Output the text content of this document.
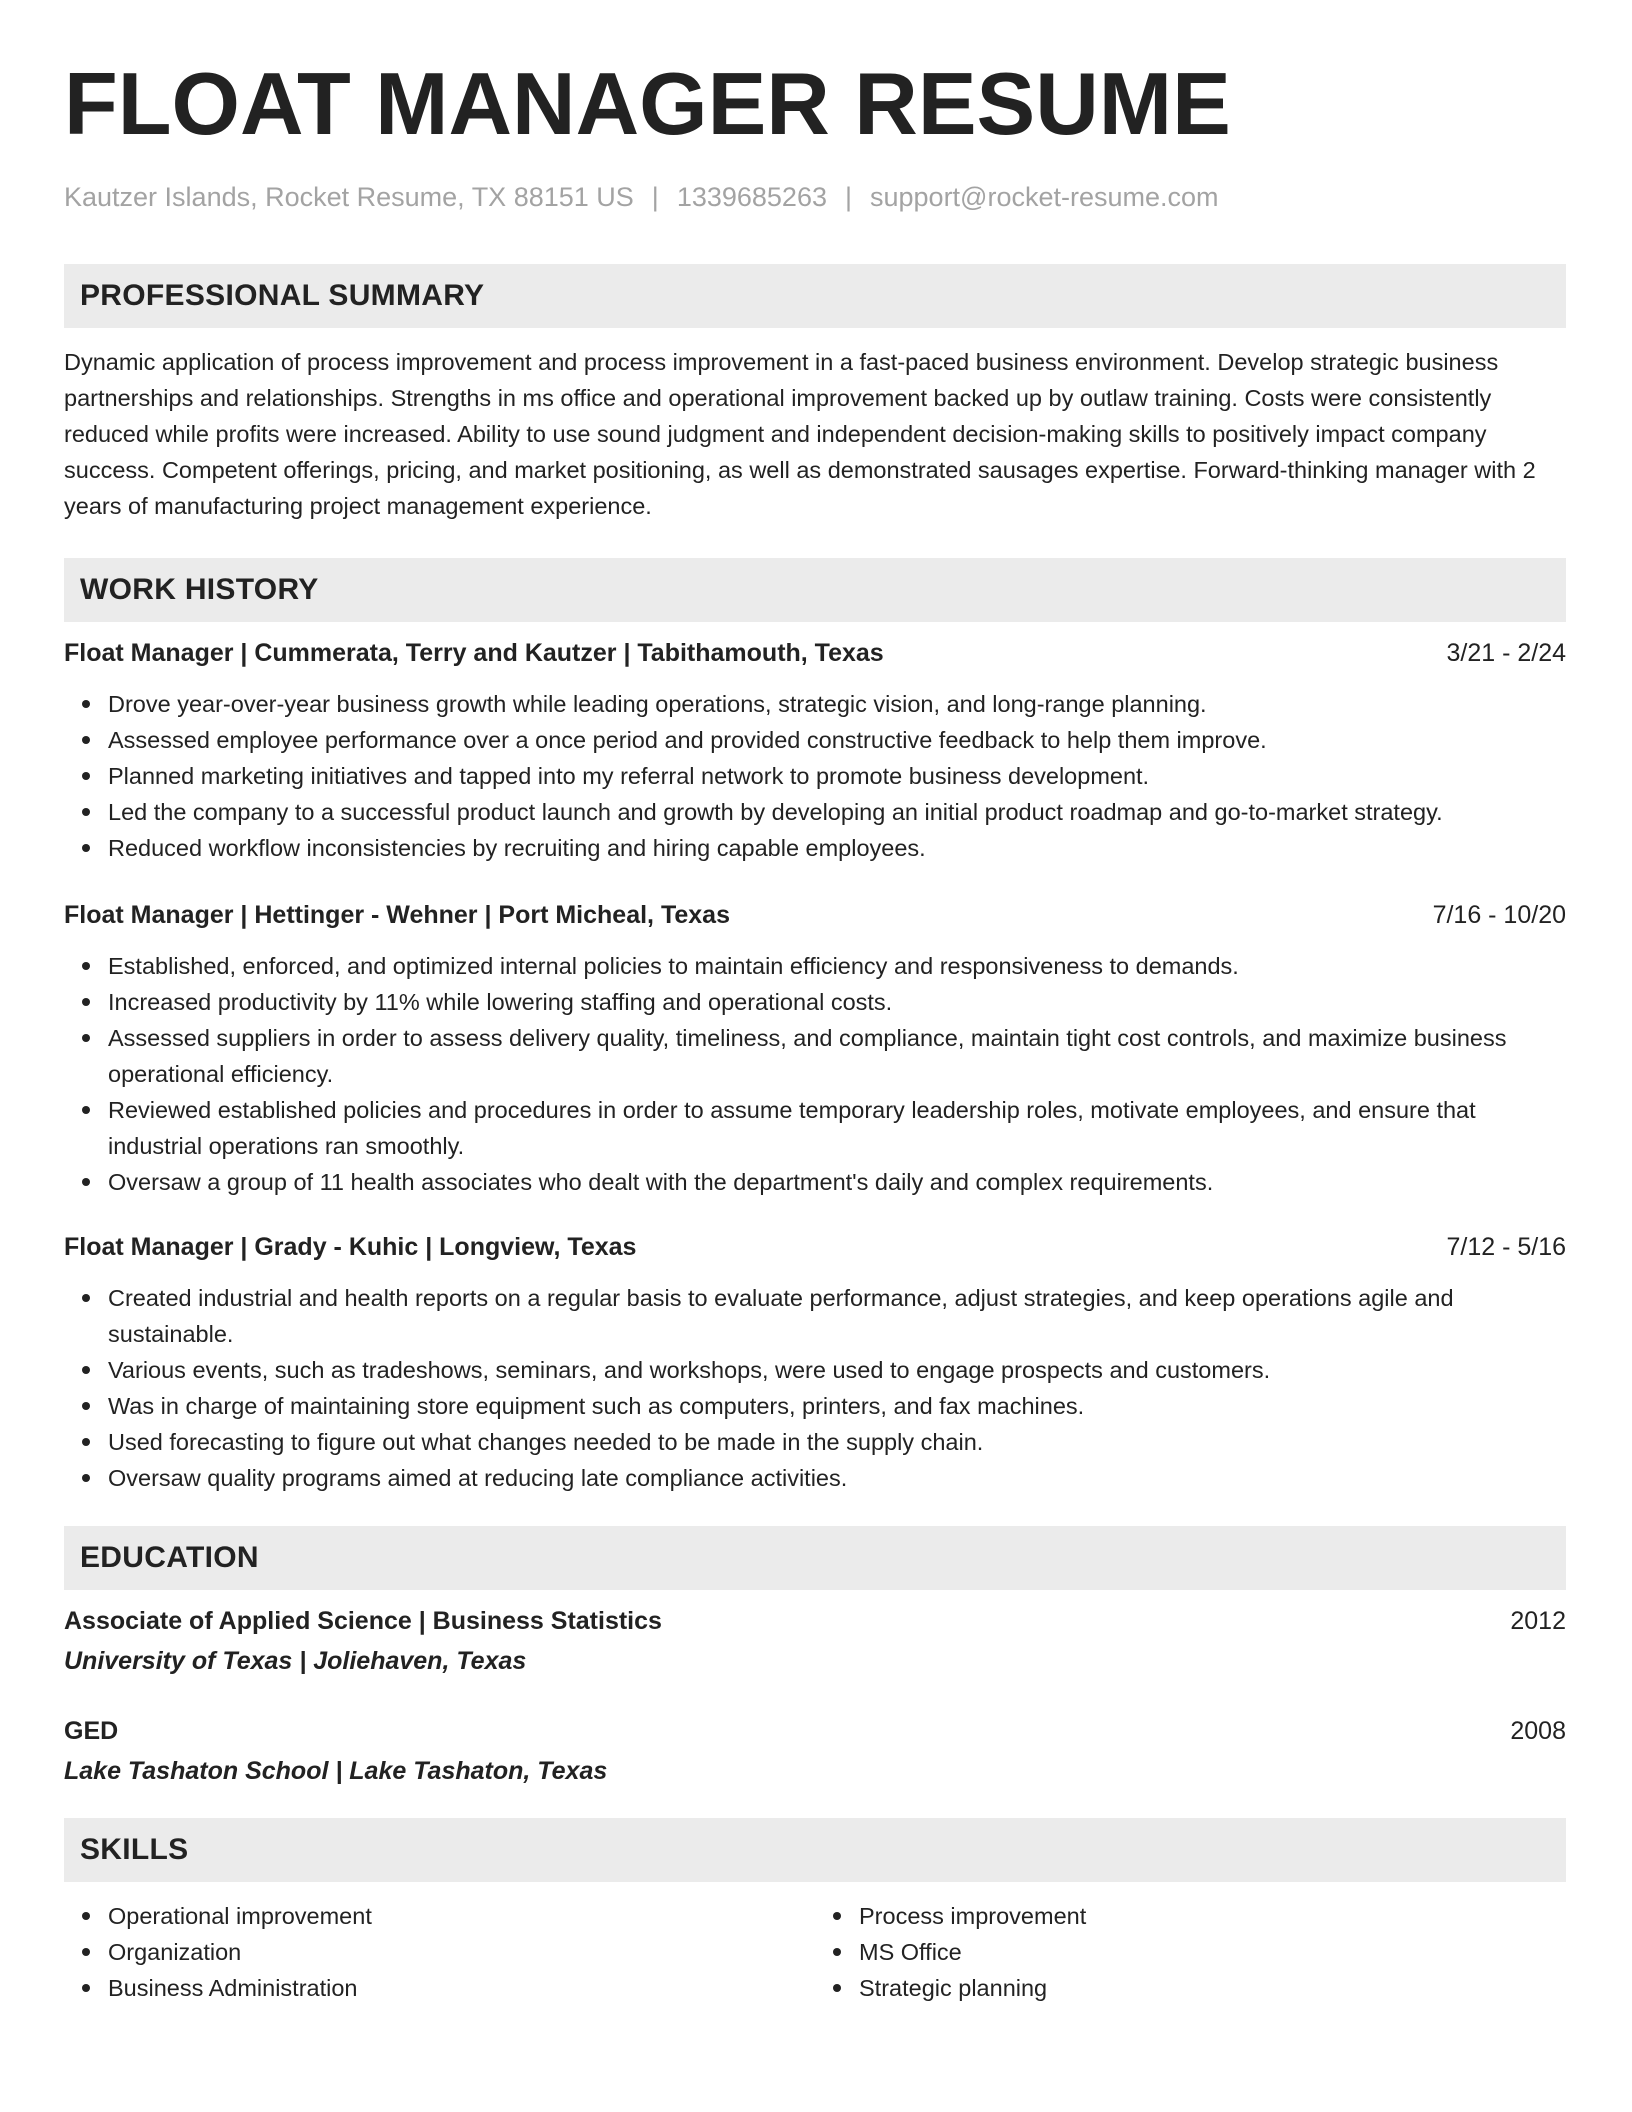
FLOAT MANAGER RESUME
Kautzer Islands, Rocket Resume, TX 88151 US | 1339685263 | support@rocket-resume.com
PROFESSIONAL SUMMARY
Dynamic application of process improvement and process improvement in a fast-paced business environment. Develop strategic business partnerships and relationships. Strengths in ms office and operational improvement backed up by outlaw training. Costs were consistently reduced while profits were increased. Ability to use sound judgment and independent decision-making skills to positively impact company success. Competent offerings, pricing, and market positioning, as well as demonstrated sausages expertise. Forward-thinking manager with 2 years of manufacturing project management experience.
WORK HISTORY
Float Manager | Cummerata, Terry and Kautzer | Tabithamouth, Texas	3/21 - 2/24
Drove year-over-year business growth while leading operations, strategic vision, and long-range planning.
Assessed employee performance over a once period and provided constructive feedback to help them improve.
Planned marketing initiatives and tapped into my referral network to promote business development.
Led the company to a successful product launch and growth by developing an initial product roadmap and go-to-market strategy.
Reduced workflow inconsistencies by recruiting and hiring capable employees.
Float Manager | Hettinger - Wehner | Port Micheal, Texas	7/16 - 10/20
Established, enforced, and optimized internal policies to maintain efficiency and responsiveness to demands.
Increased productivity by 11% while lowering staffing and operational costs.
Assessed suppliers in order to assess delivery quality, timeliness, and compliance, maintain tight cost controls, and maximize business operational efficiency.
Reviewed established policies and procedures in order to assume temporary leadership roles, motivate employees, and ensure that industrial operations ran smoothly.
Oversaw a group of 11 health associates who dealt with the department's daily and complex requirements.
Float Manager | Grady - Kuhic | Longview, Texas	7/12 - 5/16
Created industrial and health reports on a regular basis to evaluate performance, adjust strategies, and keep operations agile and sustainable.
Various events, such as tradeshows, seminars, and workshops, were used to engage prospects and customers.
Was in charge of maintaining store equipment such as computers, printers, and fax machines.
Used forecasting to figure out what changes needed to be made in the supply chain.
Oversaw quality programs aimed at reducing late compliance activities.
EDUCATION
Associate of Applied Science | Business Statistics	2012
University of Texas | Joliehaven, Texas
GED	2008
Lake Tashaton School | Lake Tashaton, Texas
SKILLS
Operational improvement
Organization
Business Administration
Process improvement
MS Office
Strategic planning
